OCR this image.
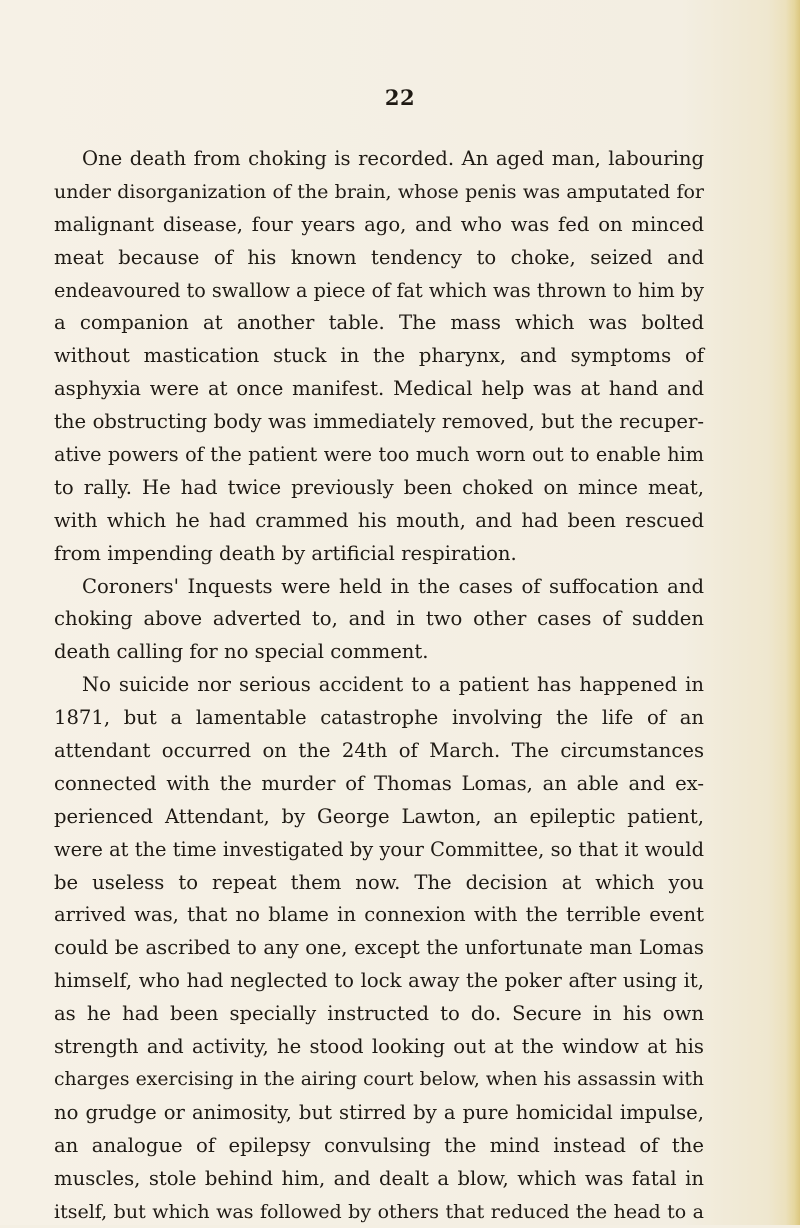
22
One death from choking is recorded. An aged man, labouring
under disorganization of the brain, whose penis was amputated for
malignant disease, four years ago, and who was fed on minced
meat because of his known tendency to choke, seized and
endeavoured to swallow a piece of fat which was thrown to him by
a companion at another table. The mass which was bolted
without mastication stuck in the pharynx, and symptoms of
asphyxia were at once manifest. Medical help was at hand and
the obstructing body was immediately removed, but the recuper-
ative powers of the patient were too much worn out to enable him
to rally. He had twice previously been choked on mince meat,
with which he had crammed his mouth, and had been rescued
from impending death by artificial respiration.
Coroners' Inquests were held in the cases of suffocation and
choking above adverted to, and in two other cases of sudden
death calling for no special comment.
No suicide nor serious accident to a patient has happened in
1871, but a lamentable catastrophe involving the life of an
attendant occurred on the 24th of March. The circumstances
connected with the murder of Thomas Lomas, an able and ex-
perienced Attendant, by George Lawton, an epileptic patient,
were at the time investigated by your Committee, so that it would
be useless to repeat them now. The decision at which you
arrived was, that no blame in connexion with the terrible event
could be ascribed to any one, except the unfortunate man Lomas
himself, who had neglected to lock away the poker after using it,
as he had been specially instructed to do. Secure in his own
strength and activity, he stood looking out at the window at his
charges exercising in the airing court below, when his assassin with
no grudge or animosity, but stirred by a pure homicidal impulse,
an analogue of epilepsy convulsing the mind instead of the
muscles, stole behind him, and dealt a blow, which was fatal in
itself, but which was followed by others that reduced the head to a
